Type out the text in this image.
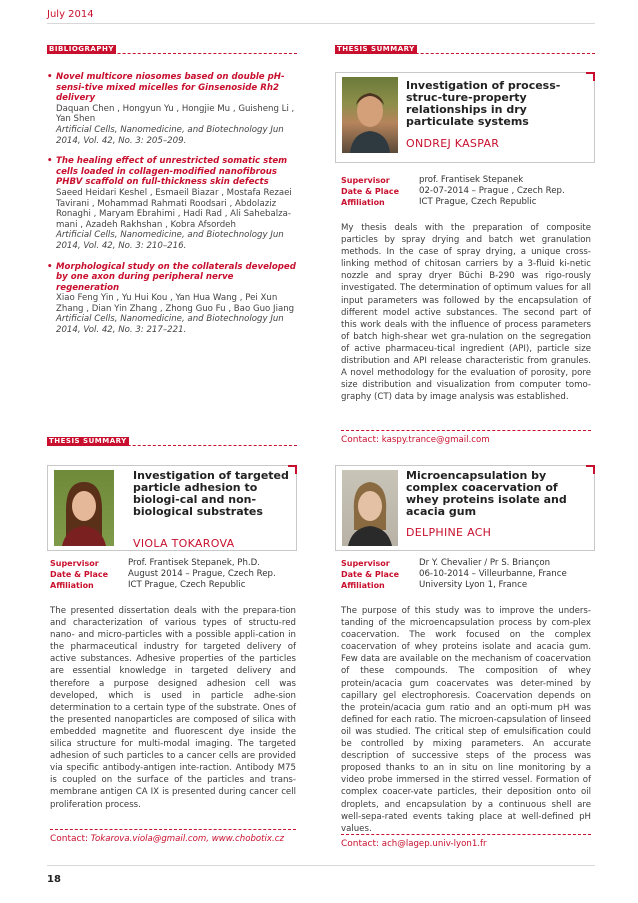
July 2014
BIBLIOGRAPHY
• Novel multicore niosomes based on double pH-sensi-tive mixed micelles for Ginsenoside Rh2 delivery
Daquan Chen , Hongyun Yu , Hongjie Mu , Guisheng Li , Yan Shen
Artificial Cells, Nanomedicine, and Biotechnology Jun 2014, Vol. 42, No. 3: 205–209.
• The healing effect of unrestricted somatic stem cells loaded in collagen-modified nanofibrous PHBV scaffold on full-thickness skin defects
Saeed Heidari Keshel , Esmaeil Biazar , Mostafa Rezaei Tavirani , Mohammad Rahmati Roodsari , Abdolaziz Ronaghi , Maryam Ebrahimi , Hadi Rad , Ali Sahebalza-mani , Azadeh Rakhshan , Kobra Afsordeh
Artificial Cells, Nanomedicine, and Biotechnology Jun 2014, Vol. 42, No. 3: 210–216.
• Morphological study on the collaterals developed by one axon during peripheral nerve regeneration
Xiao Feng Yin , Yu Hui Kou , Yan Hua Wang , Pei Xun Zhang , Dian Yin Zhang , Zhong Guo Fu , Bao Guo Jiang
Artificial Cells, Nanomedicine, and Biotechnology Jun 2014, Vol. 42, No. 3: 217–221.
THESIS SUMMARY
Investigation of process-struc-ture-property relationships in dry particulate systems
ONDREJ KASPAR
Supervisor	prof. Frantisek Stepanek
Date & Place	02-07-2014 – Prague , Czech Rep.
Affiliation	ICT Prague, Czech Republic
My thesis deals with the preparation of composite particles by spray drying and batch wet granulation methods. In the case of spray drying, a unique cross-linking method of chitosan carriers by a 3-fluid ki-netic nozzle and spray dryer Büchi B-290 was rigo-rously investigated. The determination of optimum values for all input parameters was followed by the encapsulation of different model active substances. The second part of this work deals with the influence of process parameters of batch high-shear wet gra-nulation on the segregation of active pharmaceu-tical ingredient (API), particle size distribution and API release characteristic from granules. A novel methodology for the evaluation of porosity, pore size distribution and visualization from computer tomo-graphy (CT) data by image analysis was established.
Contact: kaspy.trance@gmail.com
THESIS SUMMARY
Investigation of targeted particle adhesion to biologi-cal and non-biological substrates
VIOLA TOKAROVA
Supervisor	Prof. Frantisek Stepanek, Ph.D.
Date & Place	August 2014 – Prague, Czech Rep.
Affiliation	ICT Prague, Czech Republic
The presented dissertation deals with the prepara-tion and characterization of various types of structu-red nano- and micro-particles with a possible appli-cation in the pharmaceutical industry for targeted delivery of active substances. Adhesive properties of the particles are essential knowledge in targeted delivery and therefore a purpose designed adhesion cell was developed, which is used in particle adhe-sion determination to a certain type of the substrate. Ones of the presented nanoparticles are composed of silica with embedded magnetite and fluorescent dye inside the silica structure for multi-modal imaging. The targeted adhesion of such particles to a cancer cells are provided via specific antibody-antigen inte-raction. Antibody M75 is coupled on the surface of the particles and trans-membrane antigen CA IX is presented during cancer cell proliferation process.
Contact: Tokarova.viola@gmail.com, www.chobotix.cz
Microencapsulation by complex coacervation of whey proteins isolate and acacia gum
DELPHINE ACH
Supervisor	Dr Y. Chevalier / Pr S. Briançon
Date & Place	06-10-2014 – Villeurbanne, France
Affiliation	University Lyon 1, France
The purpose of this study was to improve the unders-tanding of the microencapsulation process by com-plex coacervation. The work focused on the complex coacervation of whey proteins isolate and acacia gum. Few data are available on the mechanism of coacervation of these compounds. The composition of whey protein/acacia gum coacervates was deter-mined by capillary gel electrophoresis. Coacervation depends on the protein/acacia gum ratio and an opti-mum pH was defined for each ratio. The microen-capsulation of linseed oil was studied. The critical step of emulsification could be controlled by mixing parameters. An accurate description of successive steps of the process was proposed thanks to an in situ on line monitoring by a video probe immersed in the stirred vessel. Formation of complex coacer-vate particles, their deposition onto oil droplets, and encapsulation by a continuous shell are well-sepa-rated events taking place at well-defined pH values.
Contact: ach@lagep.univ-lyon1.fr
18
